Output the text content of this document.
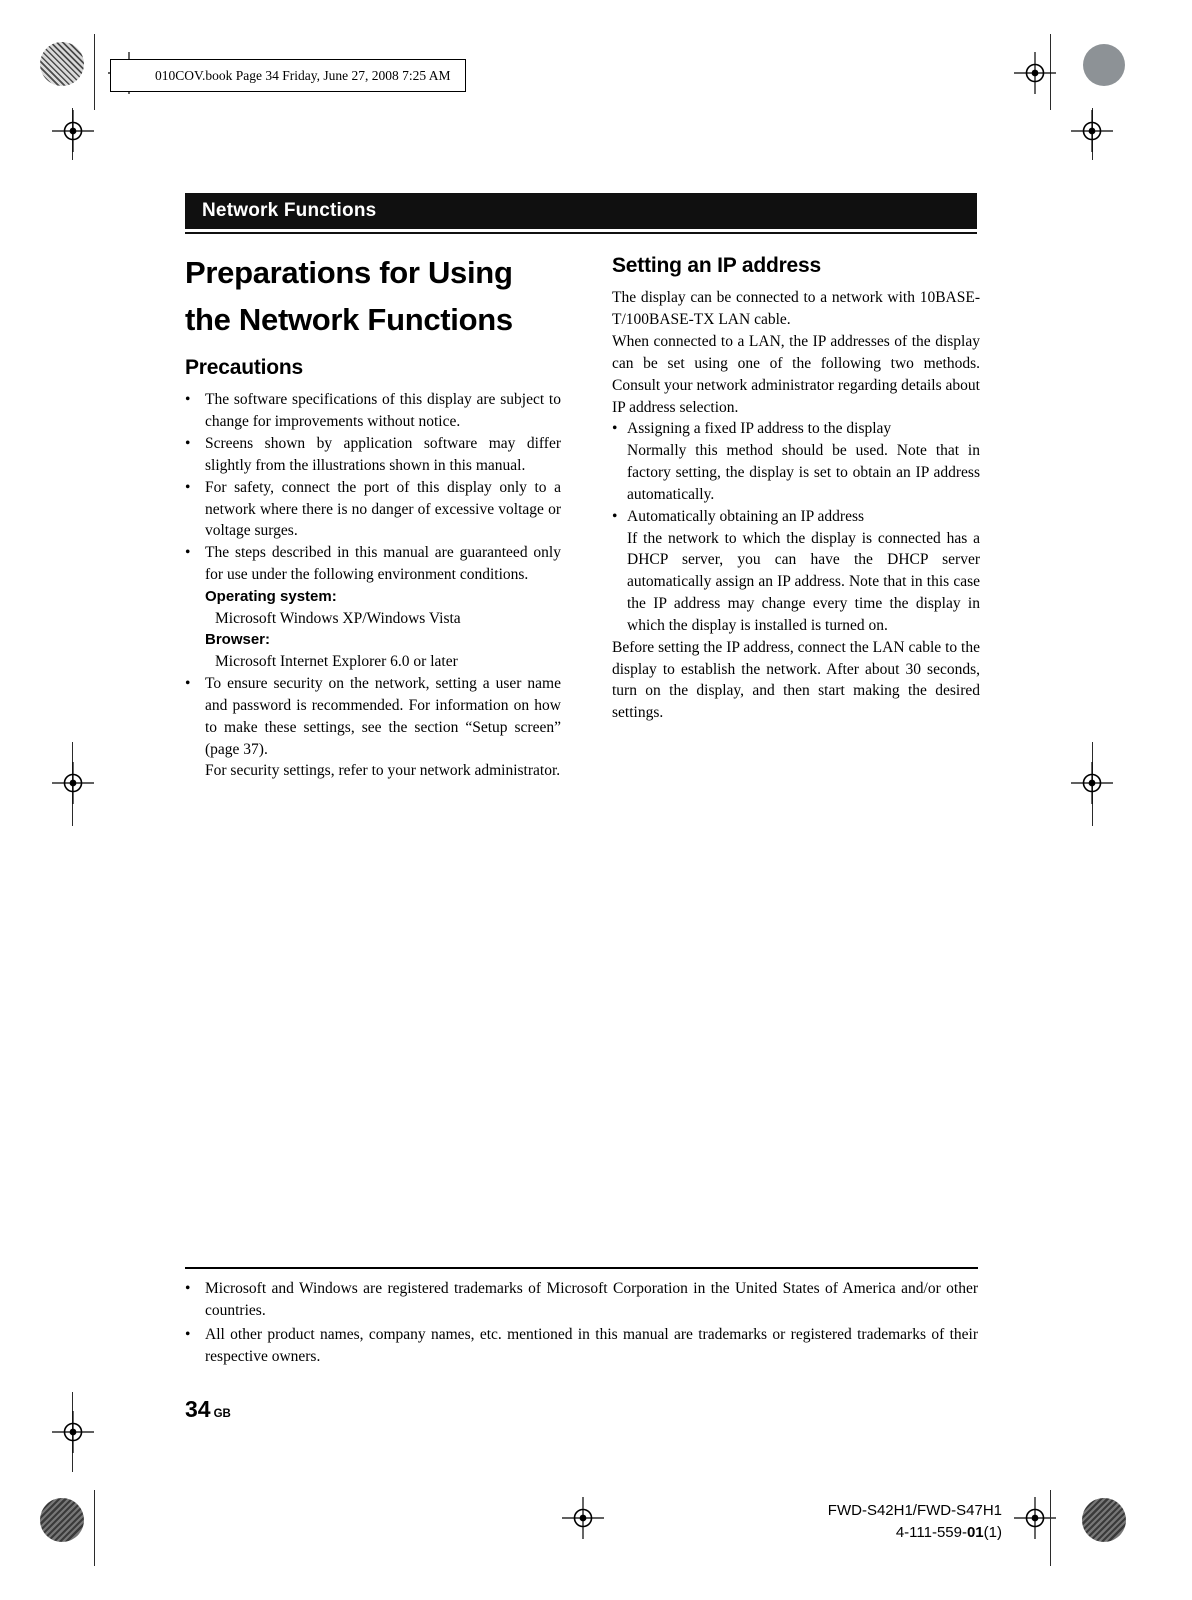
010COV.book Page 34 Friday, June 27, 2008 7:25 AM
Network Functions
Preparations for Using the Network Functions
Precautions
• The software specifications of this display are subject to change for improvements without notice.
• Screens shown by application software may differ slightly from the illustrations shown in this manual.
• For safety, connect the port of this display only to a network where there is no danger of excessive voltage or voltage surges.
• The steps described in this manual are guaranteed only for use under the following environment conditions.
Operating system:
Microsoft Windows XP/Windows Vista
Browser:
Microsoft Internet Explorer 6.0 or later
• To ensure security on the network, setting a user name and password is recommended. For information on how to make these settings, see the section “Setup screen” (page 37).
For security settings, refer to your network administrator.
Setting an IP address
The display can be connected to a network with 10BASE-T/100BASE-TX LAN cable.
When connected to a LAN, the IP addresses of the display can be set using one of the following two methods. Consult your network administrator regarding details about IP address selection.
• Assigning a fixed IP address to the display
Normally this method should be used. Note that in factory setting, the display is set to obtain an IP address automatically.
• Automatically obtaining an IP address
If the network to which the display is connected has a DHCP server, you can have the DHCP server automatically assign an IP address. Note that in this case the IP address may change every time the display in which the display is installed is turned on.
Before setting the IP address, connect the LAN cable to the display to establish the network. After about 30 seconds, turn on the display, and then start making the desired settings.
• Microsoft and Windows are registered trademarks of Microsoft Corporation in the United States of America and/or other countries.
• All other product names, company names, etc. mentioned in this manual are trademarks or registered trademarks of their respective owners.
34 GB
FWD-S42H1/FWD-S47H1
4-111-559-01(1)
